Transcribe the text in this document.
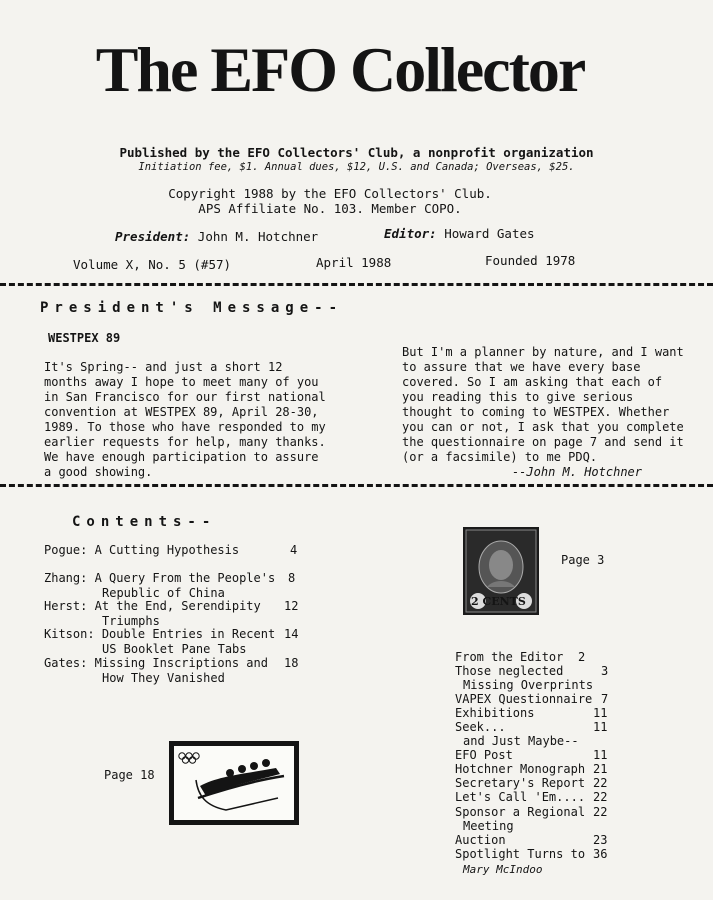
The EFO Collector
Published by the EFO Collectors' Club, a nonprofit organization
Initiation fee, $1. Annual dues, $12, U.S. and Canada; Overseas, $25.
Copyright 1988 by the EFO Collectors' Club.
APS Affiliate No. 103. Member COPO.
President: John M. Hotchner	Editor: Howard Gates
Volume X, No. 5 (#57)	April 1988	Founded 1978
President's Message--
WESTPEX 89
It's Spring-- and just a short 12
months away I hope to meet many of you
in San Francisco for our first national
convention at WESTPEX 89, April 28-30,
1989. To those who have responded to my
earlier requests for help, many thanks.
We have enough participation to assure
a good showing.
But I'm a planner by nature, and I want
to assure that we have every base
covered. So I am asking that each of
you reading this to give serious
thought to coming to WESTPEX. Whether
you can or not, I ask that you complete
the questionnaire on page 7 and send it
(or a facsimile) to me PDQ.
--John M. Hotchner
Contents--
Pogue: A Cutting Hypothesis	4
Zhang: A Query From the People's
Republic of China
8
Herst: At the End, Serendipity
Triumphs
12
Kitson: Double Entries in Recent
US Booklet Pane Tabs
14
Gates: Missing Inscriptions and
How They Vanished
18
Page 18
2 CENTS
Page 3
From the Editor 2
Those neglected
Missing Overprints
3
VAPEX Questionnaire 7
Exhibitions	11
Seek...
and Just Maybe--
11
EFO Post	11
Hotchner Monograph 21
Secretary's Report 22
Let's Call 'Em.... 22
Sponsor a Regional
Meeting
22
Auction	23
Spotlight Turns to
Mary McIndoo
36
